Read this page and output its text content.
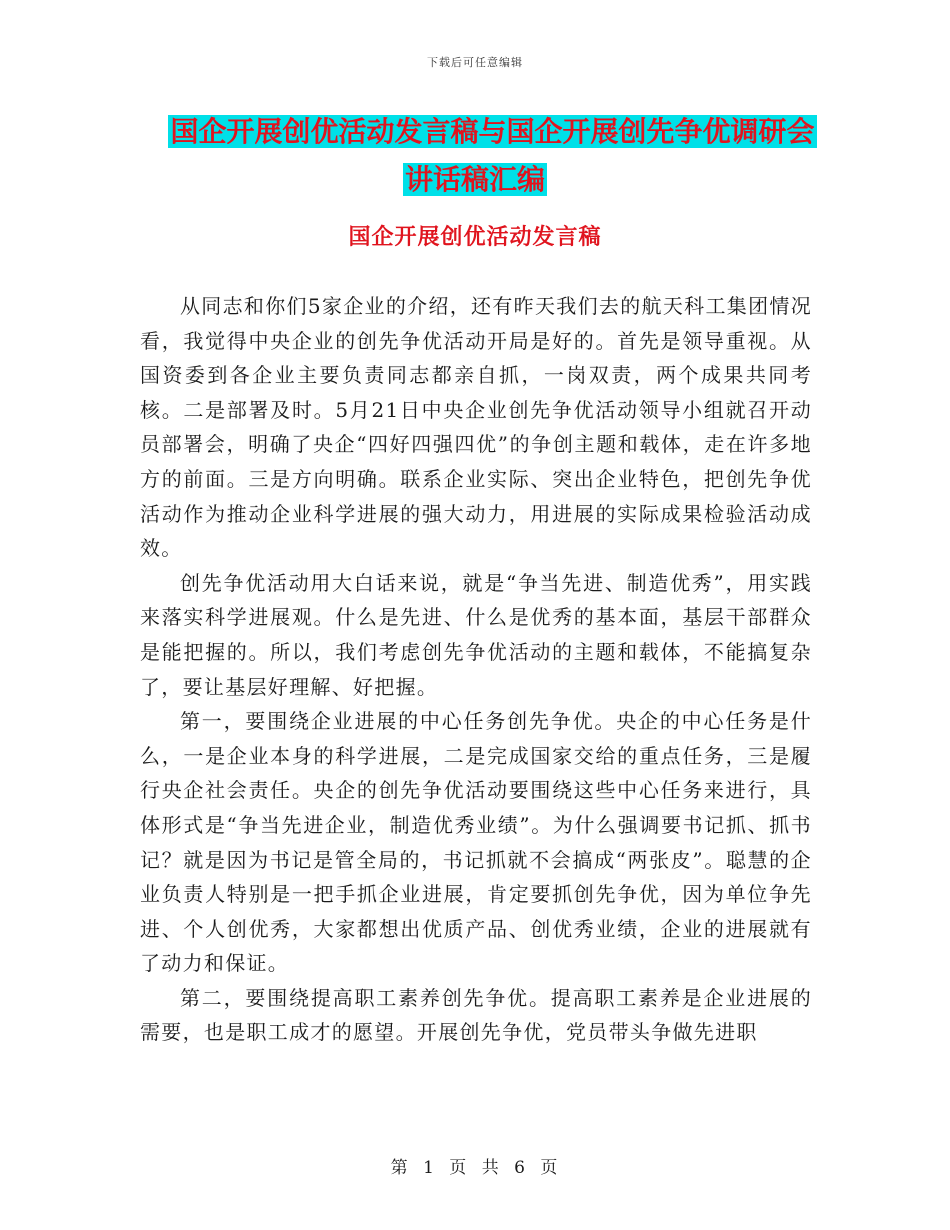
下载后可任意编辑
国企开展创优活动发言稿与国企开展创先争优调研会
讲话稿汇编
国企开展创优活动发言稿

从同志和你们5家企业的介绍，还有昨天我们去的航天科工集团情况看，我觉得中央企业的创先争优活动开局是好的。首先是领导重视。从国资委到各企业主要负责同志都亲自抓，一岗双责，两个成果共同考核。二是部署及时。5月21日中央企业创先争优活动领导小组就召开动员部署会，明确了央企“四好四强四优”的争创主题和载体，走在许多地方的前面。三是方向明确。联系企业实际、突出企业特色，把创先争优活动作为推动企业科学进展的强大动力，用进展的实际成果检验活动成效。

创先争优活动用大白话来说，就是“争当先进、制造优秀”，用实践来落实科学进展观。什么是先进、什么是优秀的基本面，基层干部群众是能把握的。所以，我们考虑创先争优活动的主题和载体，不能搞复杂了，要让基层好理解、好把握。

第一，要围绕企业进展的中心任务创先争优。央企的中心任务是什么，一是企业本身的科学进展，二是完成国家交给的重点任务，三是履行央企社会责任。央企的创先争优活动要围绕这些中心任务来进行，具体形式是“争当先进企业，制造优秀业绩”。为什么强调要书记抓、抓书记？就是因为书记是管全局的，书记抓就不会搞成“两张皮”。聪慧的企业负责人特别是一把手抓企业进展，肯定要抓创先争优，因为单位争先进、个人创优秀，大家都想出优质产品、创优秀业绩，企业的进展就有了动力和保证。

第二，要围绕提高职工素养创先争优。提高职工素养是企业进展的需要，也是职工成才的愿望。开展创先争优，党员带头争做先进职

第 1 页 共 6 页
